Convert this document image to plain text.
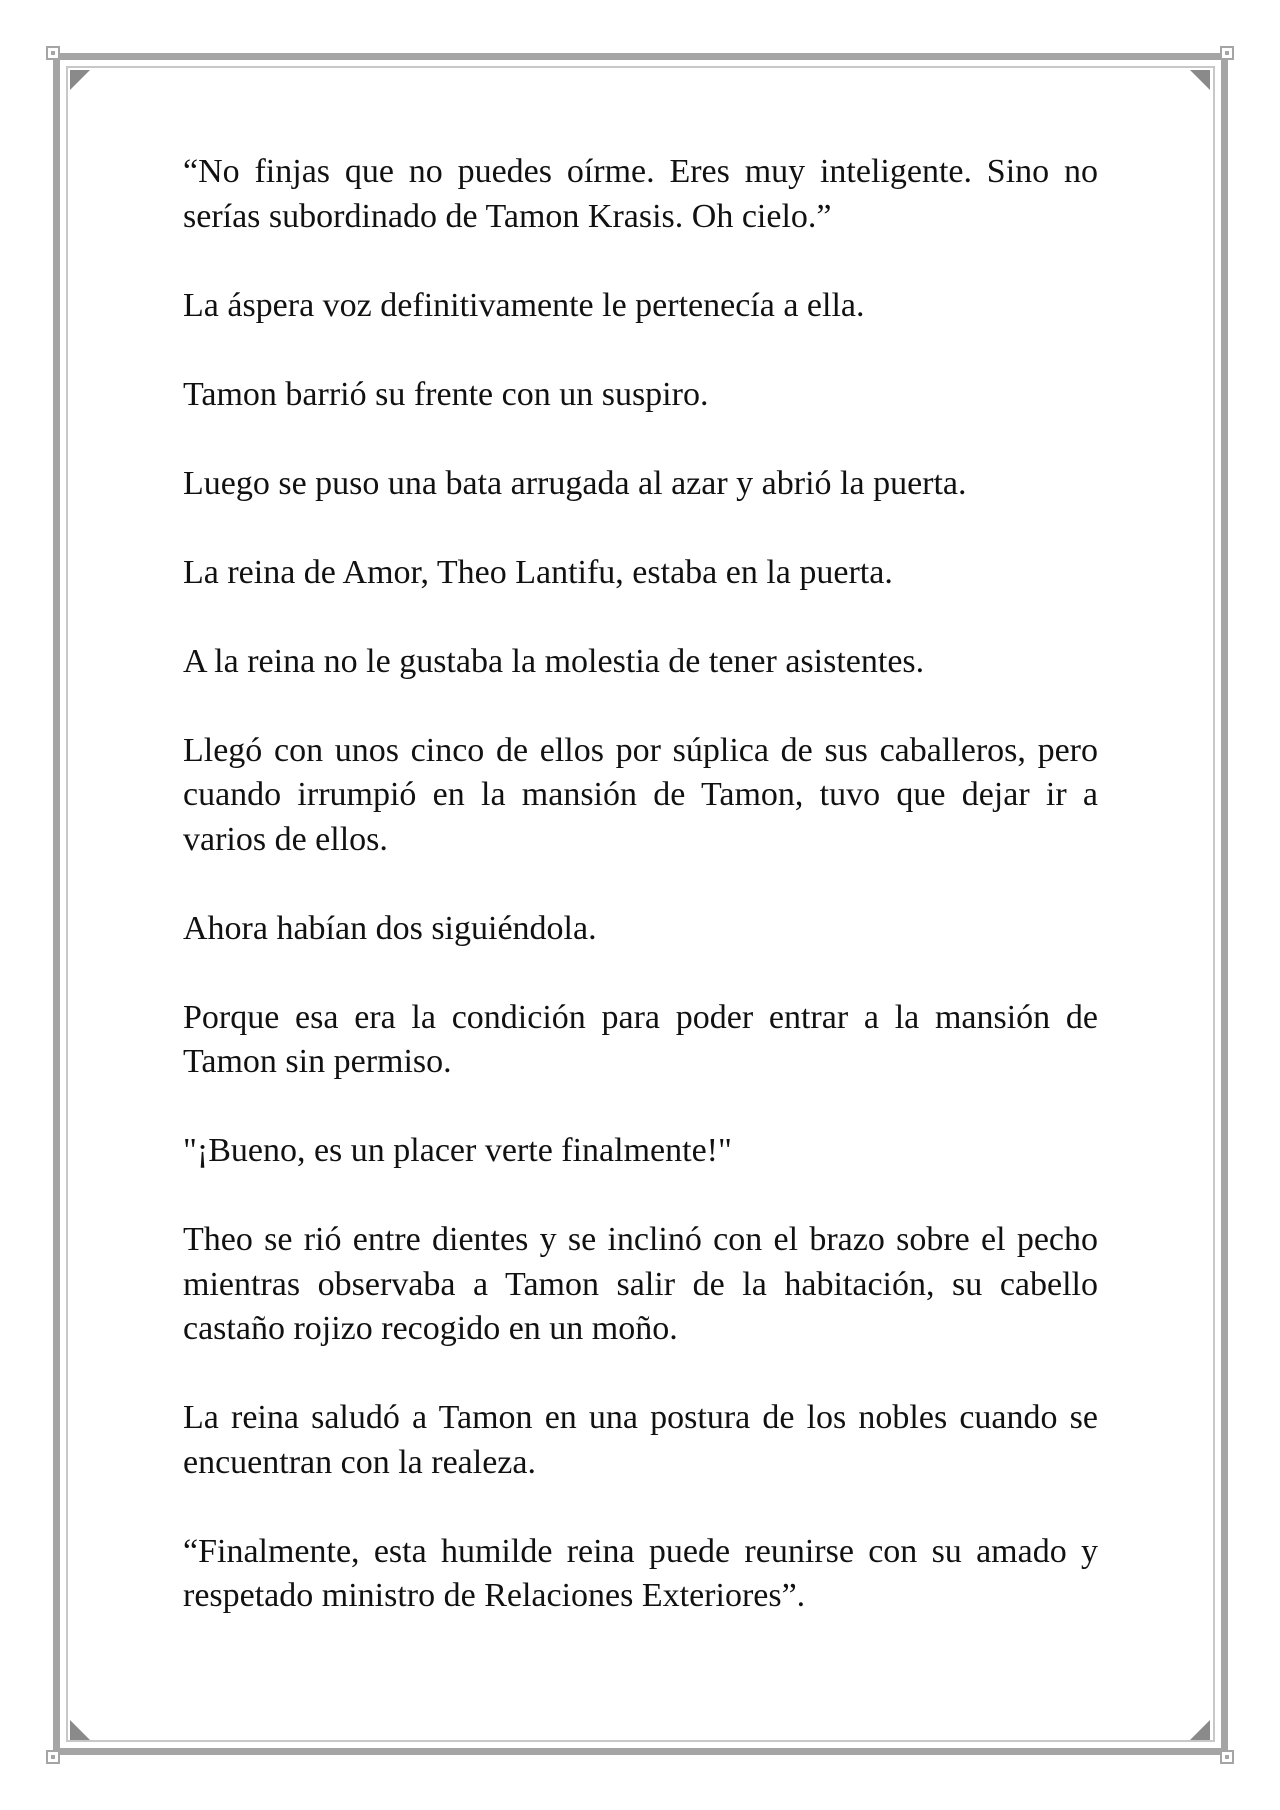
“No finjas que no puedes oírme. Eres muy inteligente. Sino no serías subordinado de Tamon Krasis. Oh cielo.”

La áspera voz definitivamente le pertenecía a ella.

Tamon barrió su frente con un suspiro.

Luego se puso una bata arrugada al azar y abrió la puerta.

La reina de Amor, Theo Lantifu, estaba en la puerta.

A la reina no le gustaba la molestia de tener asistentes.

Llegó con unos cinco de ellos por súplica de sus caballeros, pero cuando irrumpió en la mansión de Tamon, tuvo que dejar ir a varios de ellos.

Ahora habían dos siguiéndola.

Porque esa era la condición para poder entrar a la mansión de Tamon sin permiso.

"¡Bueno, es un placer verte finalmente!"

Theo se rió entre dientes y se inclinó con el brazo sobre el pecho mientras observaba a Tamon salir de la habitación, su cabello castaño rojizo recogido en un moño.

La reina saludó a Tamon en una postura de los nobles cuando se encuentran con la realeza.

“Finalmente, esta humilde reina puede reunirse con su amado y respetado ministro de Relaciones Exteriores”.
